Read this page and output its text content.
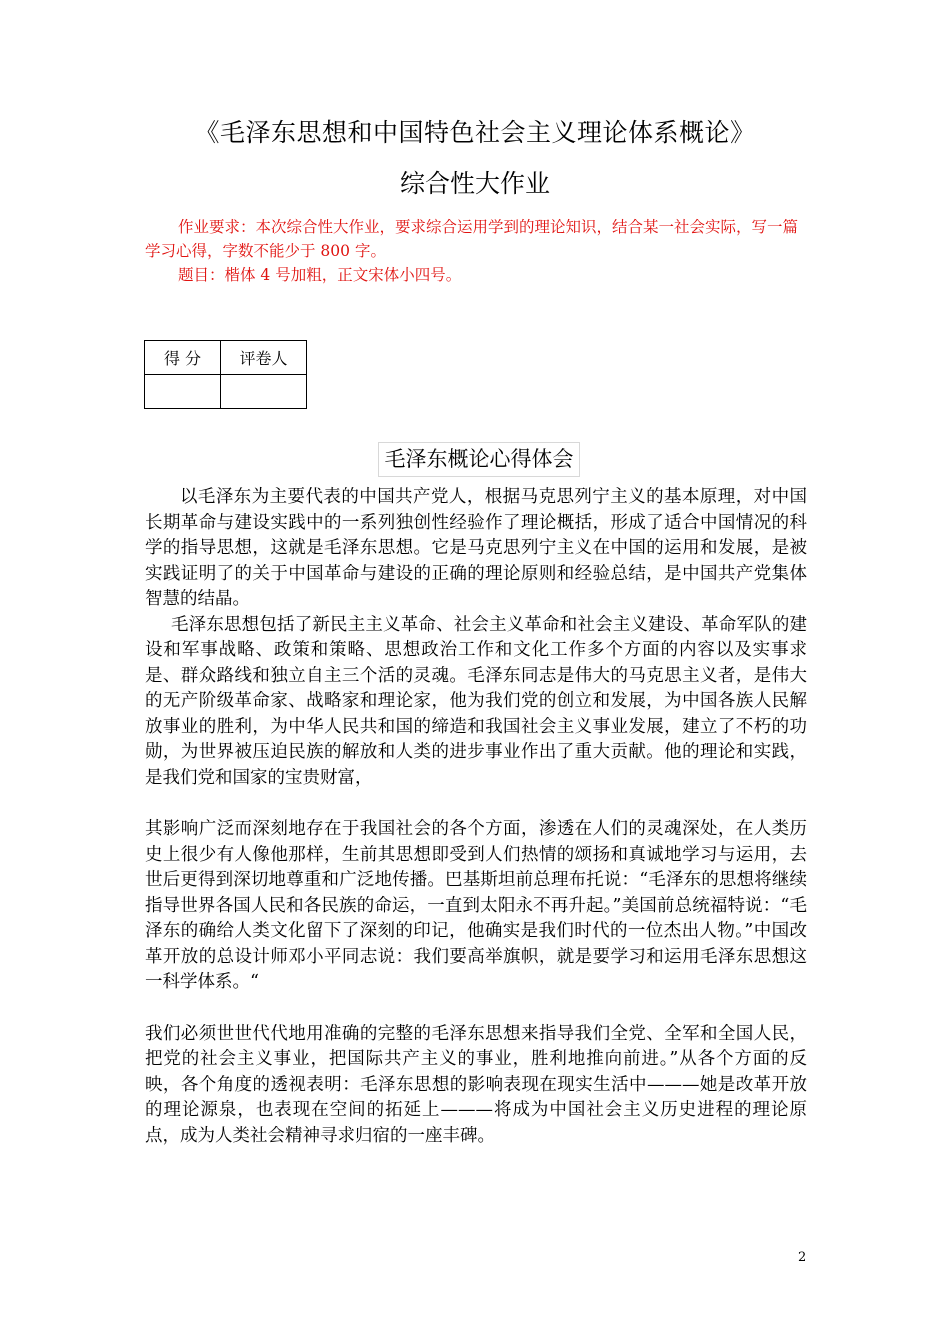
《毛泽东思想和中国特色社会主义理论体系概论》
综合性大作业

作业要求：本次综合性大作业，要求综合运用学到的理论知识，结合某一社会实际，写一篇学习心得，字数不能少于 800 字。

题目：楷体 4 号加粗，正文宋体小四号。

得 分	评卷人

毛泽东概论心得体会

以毛泽东为主要代表的中国共产党人，根据马克思列宁主义的基本原理，对中国长期革命与建设实践中的一系列独创性经验作了理论概括，形成了适合中国情况的科学的指导思想，这就是毛泽东思想。它是马克思列宁主义在中国的运用和发展，是被实践证明了的关于中国革命与建设的正确的理论原则和经验总结，是中国共产党集体智慧的结晶。

毛泽东思想包括了新民主主义革命、社会主义革命和社会主义建设、革命军队的建设和军事战略、政策和策略、思想政治工作和文化工作多个方面的内容以及实事求是、群众路线和独立自主三个活的灵魂。毛泽东同志是伟大的马克思主义者，是伟大的无产阶级革命家、战略家和理论家，他为我们党的创立和发展，为中国各族人民解放事业的胜利，为中华人民共和国的缔造和我国社会主义事业发展，建立了不朽的功勋，为世界被压迫民族的解放和人类的进步事业作出了重大贡献。他的理论和实践，是我们党和国家的宝贵财富，

其影响广泛而深刻地存在于我国社会的各个方面，渗透在人们的灵魂深处，在人类历史上很少有人像他那样，生前其思想即受到人们热情的颂扬和真诚地学习与运用，去世后更得到深切地尊重和广泛地传播。巴基斯坦前总理布托说：“毛泽东的思想将继续指导世界各国人民和各民族的命运，一直到太阳永不再升起。”美国前总统福特说：“毛泽东的确给人类文化留下了深刻的印记，他确实是我们时代的一位杰出人物。”中国改革开放的总设计师邓小平同志说：我们要高举旗帜，就是要学习和运用毛泽东思想这一科学体系。“

我们必须世世代代地用准确的完整的毛泽东思想来指导我们全党、全军和全国人民，把党的社会主义事业，把国际共产主义的事业，胜利地推向前进。”从各个方面的反映，各个角度的透视表明：毛泽东思想的影响表现在现实生活中———她是改革开放的理论源泉，也表现在空间的拓延上———将成为中国社会主义历史进程的理论原点，成为人类社会精神寻求归宿的一座丰碑。

2
